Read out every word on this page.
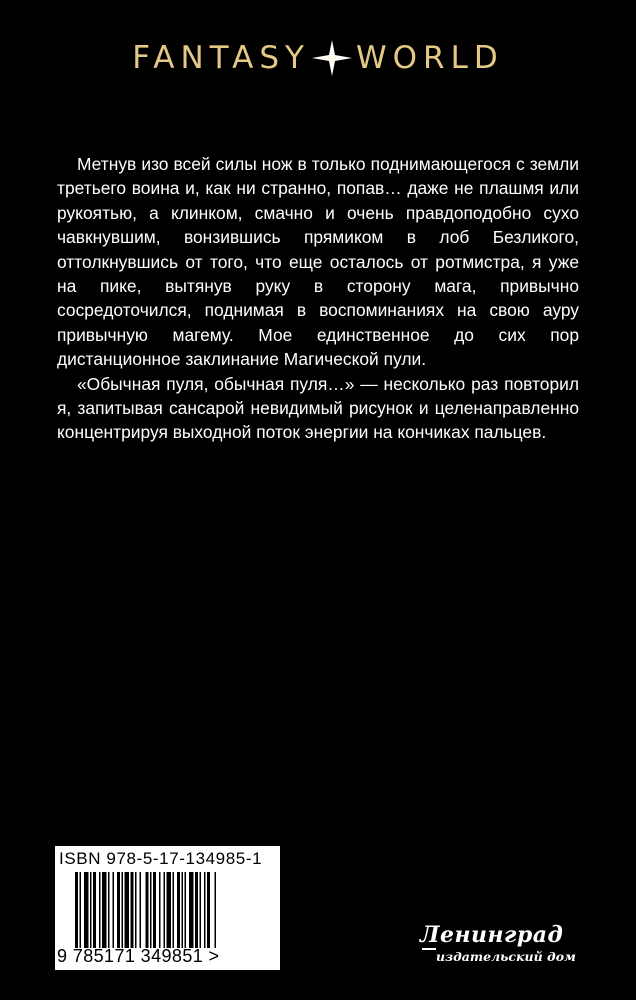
FANTASY WORLD

Метнув изо всей силы нож в только поднимающегося с земли третьего воина и, как ни странно, попав… даже не плашмя или рукоятью, а клинком, смачно и очень правдоподобно сухо чавкнувшим, вонзившись прямиком в лоб Безликого, оттолкнувшись от того, что еще осталось от ротмистра, я уже на пике, вытянув руку в сторону мага, привычно сосредоточился, поднимая в воспоминаниях на свою ауру привычную магему. Мое единственное до сих пор дистанционное заклинание Магической пули.

«Обычная пуля, обычная пуля…» — несколько раз повторил я, запитывая сансарой невидимый рисунок и целенаправленно концентрируя выходной поток энергии на кончиках пальцев.

ISBN 978-5-17-134985-1
9 785171 349851 >
Ленинград
издательский дом
